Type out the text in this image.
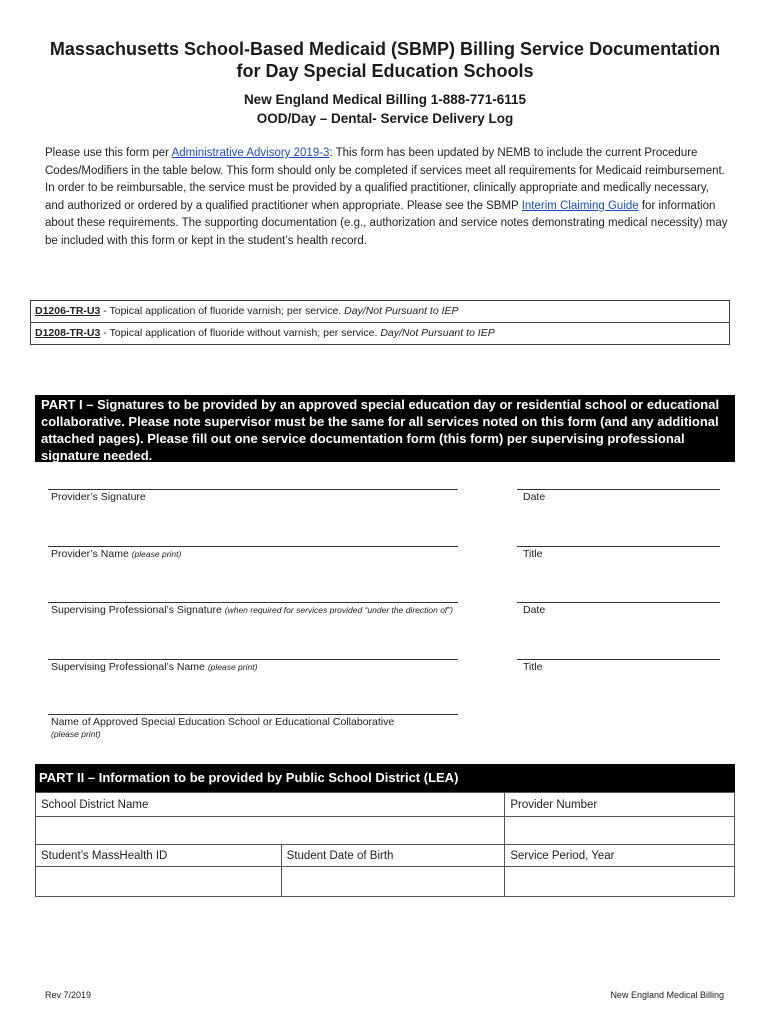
Massachusetts School-Based Medicaid (SBMP) Billing Service Documentation
for Day Special Education Schools
New England Medical Billing 1-888-771-6115
OOD/Day – Dental- Service Delivery Log
Please use this form per Administrative Advisory 2019-3: This form has been updated by NEMB to include the current Procedure Codes/Modifiers in the table below. This form should only be completed if services meet all requirements for Medicaid reimbursement. In order to be reimbursable, the service must be provided by a qualified practitioner, clinically appropriate and medically necessary, and authorized or ordered by a qualified practitioner when appropriate. Please see the SBMP Interim Claiming Guide for information about these requirements. The supporting documentation (e.g., authorization and service notes demonstrating medical necessity) may be included with this form or kept in the student’s health record.
D1206-TR-U3 - Topical application of fluoride varnish; per service. Day/Not Pursuant to IEP
D1208-TR-U3 - Topical application of fluoride without varnish; per service. Day/Not Pursuant to IEP
PART I – Signatures to be provided by an approved special education day or residential school or educational collaborative. Please note supervisor must be the same for all services noted on this form (and any additional attached pages). Please fill out one service documentation form (this form) per supervising professional signature needed.
Provider’s Signature	Date
Provider’s Name (please print)	Title
Supervising Professional’s Signature (when required for services provided “under the direction of”)	Date
Supervising Professional’s Name (please print)	Title
Name of Approved Special Education School or Educational Collaborative
(please print)
PART II – Information to be provided by Public School District (LEA)
School District Name		Provider Number

Student’s MassHealth ID	Student Date of Birth	Service Period, Year

Rev 7/2019	New England Medical Billing
